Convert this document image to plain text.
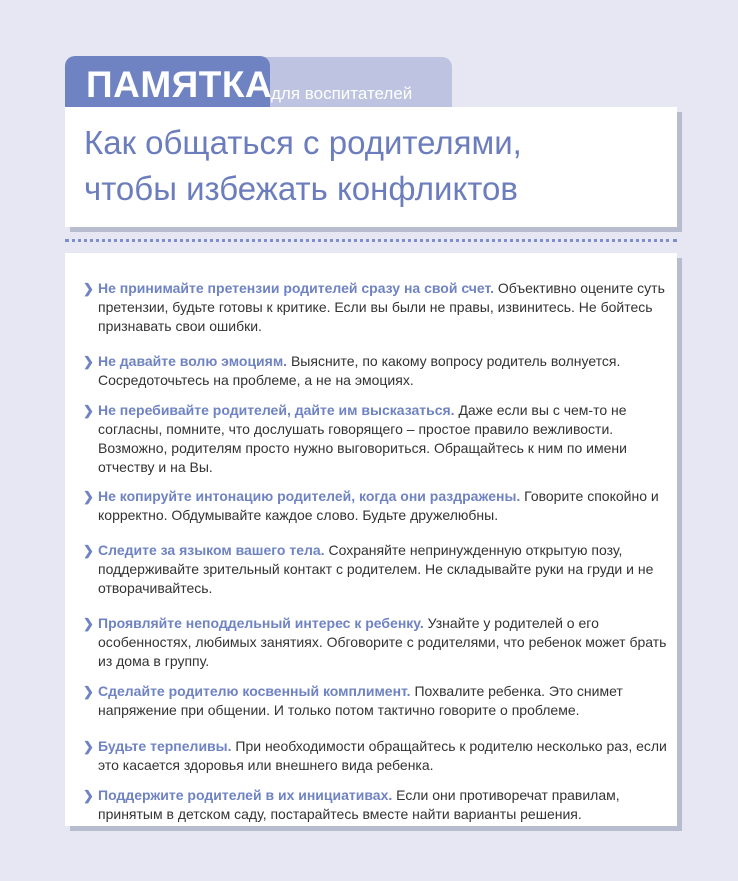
ПАМЯТКА
для воспитателей
Как общаться с родителями,
чтобы избежать конфликтов
❯ Не принимайте претензии родителей сразу на свой счет. Объективно оцените суть претензии, будьте готовы к критике. Если вы были не правы, извинитесь. Не бойтесь признавать свои ошибки.
❯ Не давайте волю эмоциям. Выясните, по какому вопросу родитель волнуется. Сосредоточьтесь на проблеме, а не на эмоциях.
❯ Не перебивайте родителей, дайте им высказаться. Даже если вы с чем-то не согласны, помните, что дослушать говорящего – простое правило вежливости. Возможно, родителям просто нужно выговориться. Обращайтесь к ним по имени отчеству и на Вы.
❯ Не копируйте интонацию родителей, когда они раздражены. Говорите спокойно и корректно. Обдумывайте каждое слово. Будьте дружелюбны.
❯ Следите за языком вашего тела. Сохраняйте непринужденную открытую позу, поддерживайте зрительный контакт с родителем. Не складывайте руки на груди и не отворачивайтесь.
❯ Проявляйте неподдельный интерес к ребенку. Узнайте у родителей о его особенностях, любимых занятиях. Обговорите с родителями, что ребенок может брать из дома в группу.
❯ Сделайте родителю косвенный комплимент. Похвалите ребенка. Это снимет напряжение при общении. И только потом тактично говорите о проблеме.
❯ Будьте терпеливы. При необходимости обращайтесь к родителю несколько раз, если это касается здоровья или внешнего вида ребенка.
❯ Поддержите родителей в их инициативах. Если они противоречат правилам, принятым в детском саду, постарайтесь вместе найти варианты решения.
